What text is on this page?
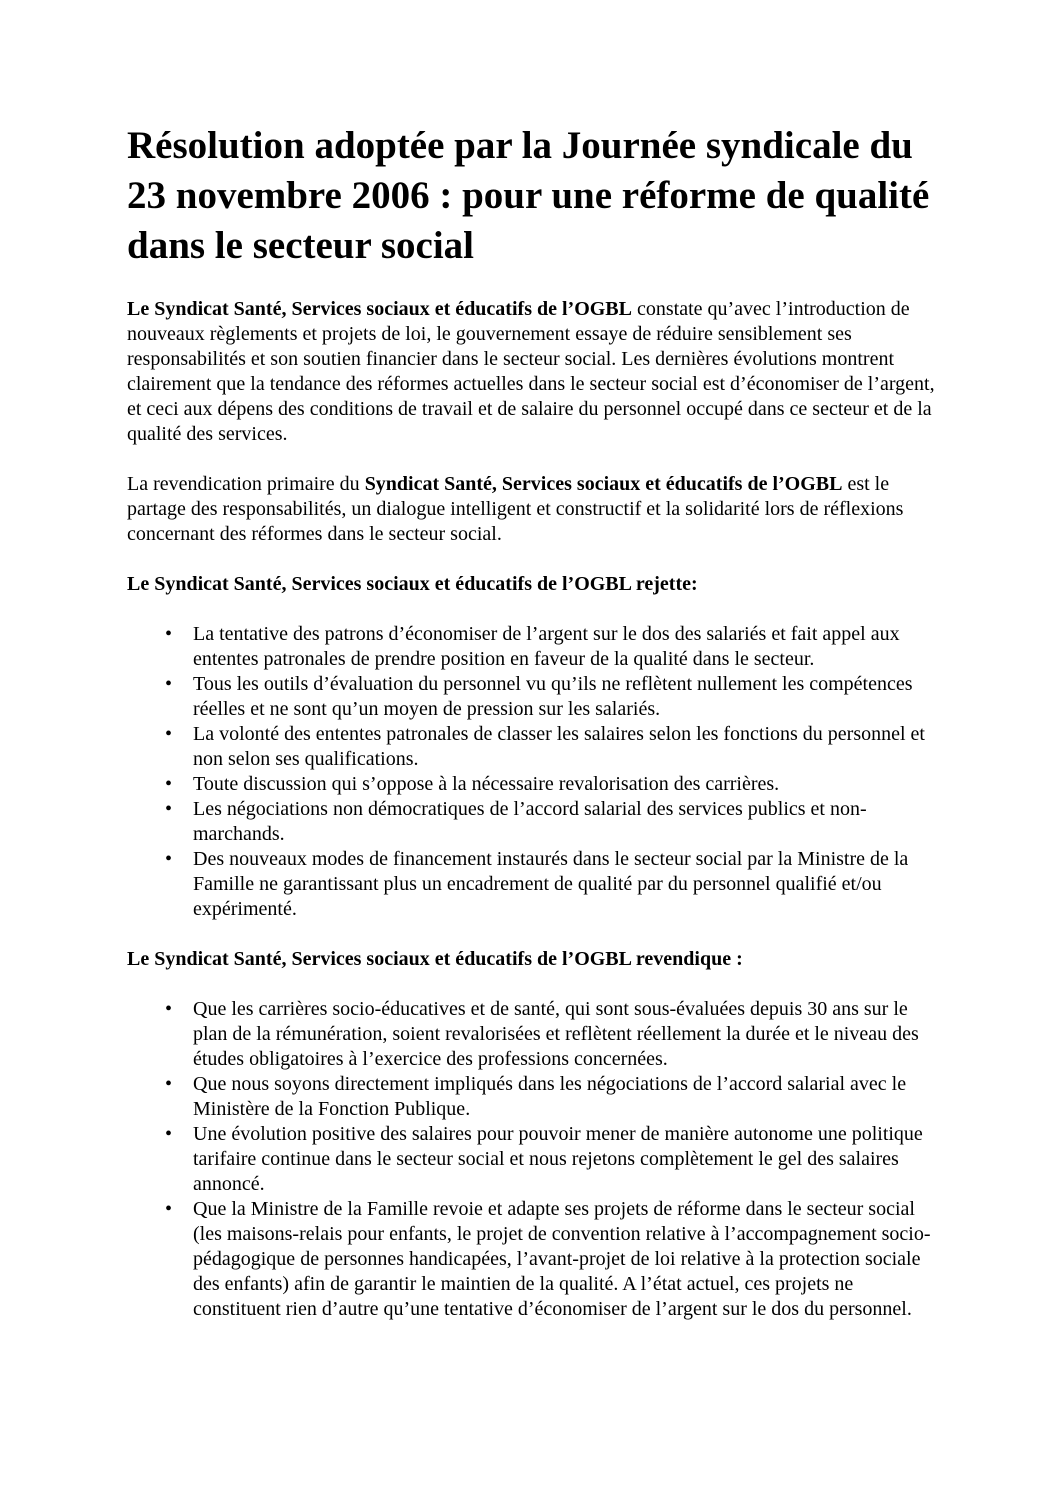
Résolution adoptée par la Journée syndicale du 23 novembre 2006 : pour une réforme de qualité dans le secteur social

Le Syndicat Santé, Services sociaux et éducatifs de l’OGBL constate qu’avec l’introduction de nouveaux règlements et projets de loi, le gouvernement essaye de réduire sensiblement ses responsabilités et son soutien financier dans le secteur social. Les dernières évolutions montrent clairement que la tendance des réformes actuelles dans le secteur social est d’économiser de l’argent, et ceci aux dépens des conditions de travail et de salaire du personnel occupé dans ce secteur et de la qualité des services.

La revendication primaire du Syndicat Santé, Services sociaux et éducatifs de l’OGBL est le partage des responsabilités, un dialogue intelligent et constructif et la solidarité lors de réflexions concernant des réformes dans le secteur social.

Le Syndicat Santé, Services sociaux et éducatifs de l’OGBL rejette:

• La tentative des patrons d’économiser de l’argent sur le dos des salariés et fait appel aux ententes patronales de prendre position en faveur de la qualité dans le secteur.
• Tous les outils d’évaluation du personnel vu qu’ils ne reflètent nullement les compétences réelles et ne sont qu’un moyen de pression sur les salariés.
• La volonté des ententes patronales de classer les salaires selon les fonctions du personnel et non selon ses qualifications.
• Toute discussion qui s’oppose à la nécessaire revalorisation des carrières.
• Les négociations non démocratiques de l’accord salarial des services publics et non-marchands.
• Des nouveaux modes de financement instaurés dans le secteur social par la Ministre de la Famille ne garantissant plus un encadrement de qualité par du personnel qualifié et/ou expérimenté.

Le Syndicat Santé, Services sociaux et éducatifs de l’OGBL revendique :

• Que les carrières socio-éducatives et de santé, qui sont sous-évaluées depuis 30 ans sur le plan de la rémunération, soient revalorisées et reflètent réellement la durée et le niveau des études obligatoires à l’exercice des professions concernées.
• Que nous soyons directement impliqués dans les négociations de l’accord salarial avec le Ministère de la Fonction Publique.
• Une évolution positive des salaires pour pouvoir mener de manière autonome une politique tarifaire continue dans le secteur social et nous rejetons complètement le gel des salaires annoncé.
• Que la Ministre de la Famille revoie et adapte ses projets de réforme dans le secteur social (les maisons-relais pour enfants, le projet de convention relative à l’accompagnement socio-pédagogique de personnes handicapées, l’avant-projet de loi relative à la protection sociale des enfants) afin de garantir le maintien de la qualité. A l’état actuel, ces projets ne constituent rien d’autre qu’une tentative d’économiser de l’argent sur le dos du personnel.
